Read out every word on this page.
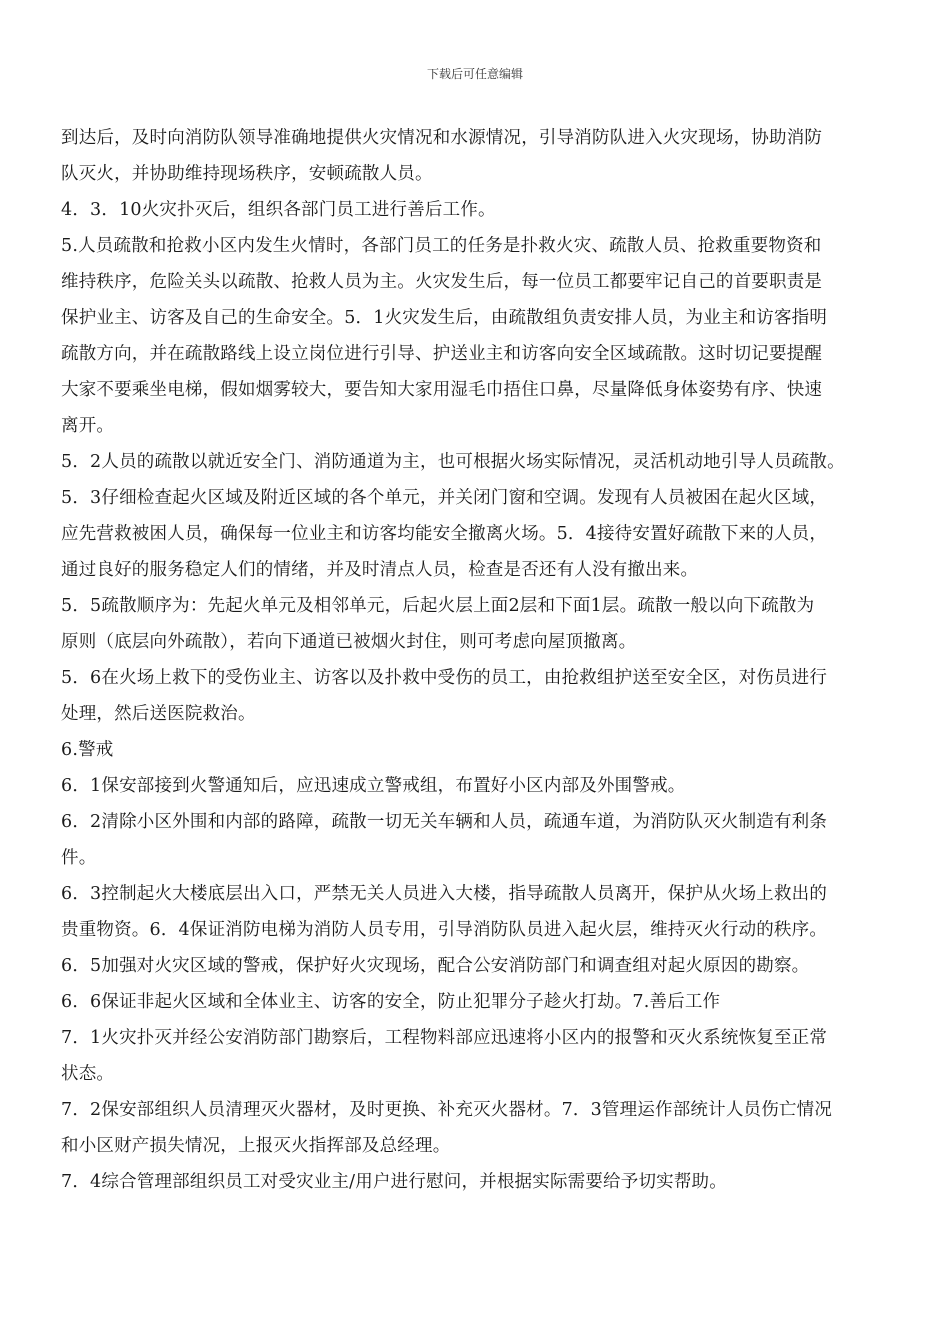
下载后可任意编辑
到达后，及时向消防队领导准确地提供火灾情况和水源情况，引导消防队进入火灾现场，协助消防
队灭火，并协助维持现场秩序，安顿疏散人员。
4．3．10火灾扑灭后，组织各部门员工进行善后工作。
5.人员疏散和抢救小区内发生火情时，各部门员工的任务是扑救火灾、疏散人员、抢救重要物资和
维持秩序，危险关头以疏散、抢救人员为主。火灾发生后，每一位员工都要牢记自己的首要职责是
保护业主、访客及自己的生命安全。5．1火灾发生后，由疏散组负责安排人员，为业主和访客指明
疏散方向，并在疏散路线上设立岗位进行引导、护送业主和访客向安全区域疏散。这时切记要提醒
大家不要乘坐电梯，假如烟雾较大，要告知大家用湿毛巾捂住口鼻，尽量降低身体姿势有序、快速
离开。
5．2人员的疏散以就近安全门、消防通道为主，也可根据火场实际情况，灵活机动地引导人员疏散。
5．3仔细检查起火区域及附近区域的各个单元，并关闭门窗和空调。发现有人员被困在起火区域，
应先营救被困人员，确保每一位业主和访客均能安全撤离火场。5．4接待安置好疏散下来的人员，
通过良好的服务稳定人们的情绪，并及时清点人员，检查是否还有人没有撤出来。
5．5疏散顺序为：先起火单元及相邻单元，后起火层上面2层和下面1层。疏散一般以向下疏散为
原则（底层向外疏散），若向下通道已被烟火封住，则可考虑向屋顶撤离。
5．6在火场上救下的受伤业主、访客以及扑救中受伤的员工，由抢救组护送至安全区，对伤员进行
处理，然后送医院救治。
6.警戒
6．1保安部接到火警通知后，应迅速成立警戒组，布置好小区内部及外围警戒。
6．2清除小区外围和内部的路障，疏散一切无关车辆和人员，疏通车道，为消防队灭火制造有利条
件。
6．3控制起火大楼底层出入口，严禁无关人员进入大楼，指导疏散人员离开，保护从火场上救出的
贵重物资。6．4保证消防电梯为消防人员专用，引导消防队员进入起火层，维持灭火行动的秩序。
6．5加强对火灾区域的警戒，保护好火灾现场，配合公安消防部门和调查组对起火原因的勘察。
6．6保证非起火区域和全体业主、访客的安全，防止犯罪分子趁火打劫。7.善后工作
7．1火灾扑灭并经公安消防部门勘察后，工程物料部应迅速将小区内的报警和灭火系统恢复至正常
状态。
7．2保安部组织人员清理灭火器材，及时更换、补充灭火器材。7．3管理运作部统计人员伤亡情况
和小区财产损失情况，上报灭火指挥部及总经理。
7．4综合管理部组织员工对受灾业主/用户进行慰问，并根据实际需要给予切实帮助。
